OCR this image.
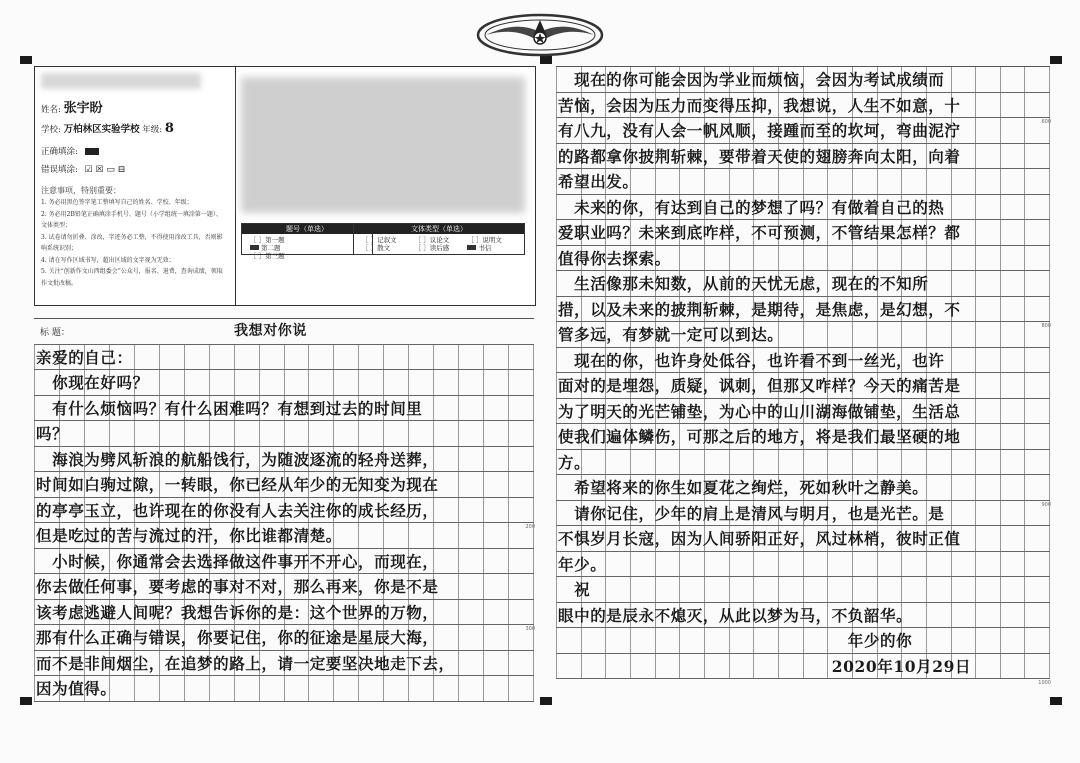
姓名: 张宇盼
学校: 万柏林区实验学校 年级: 8
正确填涂:
错误填涂: ☑ ☒ ▭ ⊟
注意事项，特别重要：
1. 务必用黑色签字笔工整填写自己的姓名、学校、年级；
2. 务必用2B铅笔正确填涂手机号、题号（小学组统一填涂第一题）、文体类型；
3. 试卷请勿折叠、涂改，字迹务必工整，不得使用涂改工具，否则影响系统识别；
4. 请在写作区域书写，超出区域的文字视为无效；
5. 关注“创新作文山西组委会”公众号，报名、退费，查询成绩，领取作文批改稿。
题号（单选）
［ ］第一题
第二题
［ ］第三题
文体类型（单选）
［ ］记叙文	［ ］议论文	［ ］说明文
［ ］散文	［ ］读后感	书信
标 题：	我想对你说
亲爱的自己：
　你现在好吗？
　有什么烦恼吗？有什么困难吗？有想到过去的时间里
吗？
　海浪为劈风斩浪的航船饯行，为随波逐流的轻舟送葬，
时间如白驹过隙，一转眼，你已经从年少的无知变为现在
的亭亭玉立，也许现在的你没有人去关注你的成长经历，
200
但是吃过的苦与流过的汗，你比谁都清楚。
　小时候，你通常会去选择做这件事开不开心，而现在，
你去做任何事，要考虑的事对不对，那么再来，你是不是
该考虑逃避人间呢？我想告诉你的是：这个世界的万物，
300
那有什么正确与错误，你要记住，你的征途是星辰大海，
而不是非间烟尘，在追梦的路上，请一定要坚决地走下去，
因为值得。
　现在的你可能会因为学业而烦恼，会因为考试成绩而
苦恼，会因为压力而变得压抑，我想说，人生不如意，十
600
有八九，没有人会一帆风顺，接踵而至的坎坷，弯曲泥泞
的路都拿你披荆斩棘，要带着天使的翅膀奔向太阳，向着
希望出发。
　未来的你，有达到自己的梦想了吗？有做着自己的热
爱职业吗？未来到底咋样，不可预测，不管结果怎样？都
值得你去探索。
　生活像那未知数，从前的天忧无虑，现在的不知所
措，以及未来的披荆斩棘，是期待，是焦虑，是幻想，不
800
管多远，有梦就一定可以到达。
　现在的你，也许身处低谷，也许看不到一丝光，也许
面对的是埋怨，质疑，讽刺，但那又咋样？今天的痛苦是
为了明天的光芒铺垫，为心中的山川湖海做铺垫，生活总
使我们遍体鳞伤，可那之后的地方，将是我们最坚硬的地
方。
　希望将来的你生如夏花之绚烂，死如秋叶之静美。
900
　请你记住，少年的肩上是清风与明月，也是光芒。是
不惧岁月长寇，因为人间骄阳正好，风过林梢，彼时正值
年少。
　祝
眼中的是辰永不熄灭，从此以梦为马，不负韶华。
　　　　　　　　　　　　　　　　　　年少的你
　　　　　　　　　　　　　　　　　2020年10月29日
1000
